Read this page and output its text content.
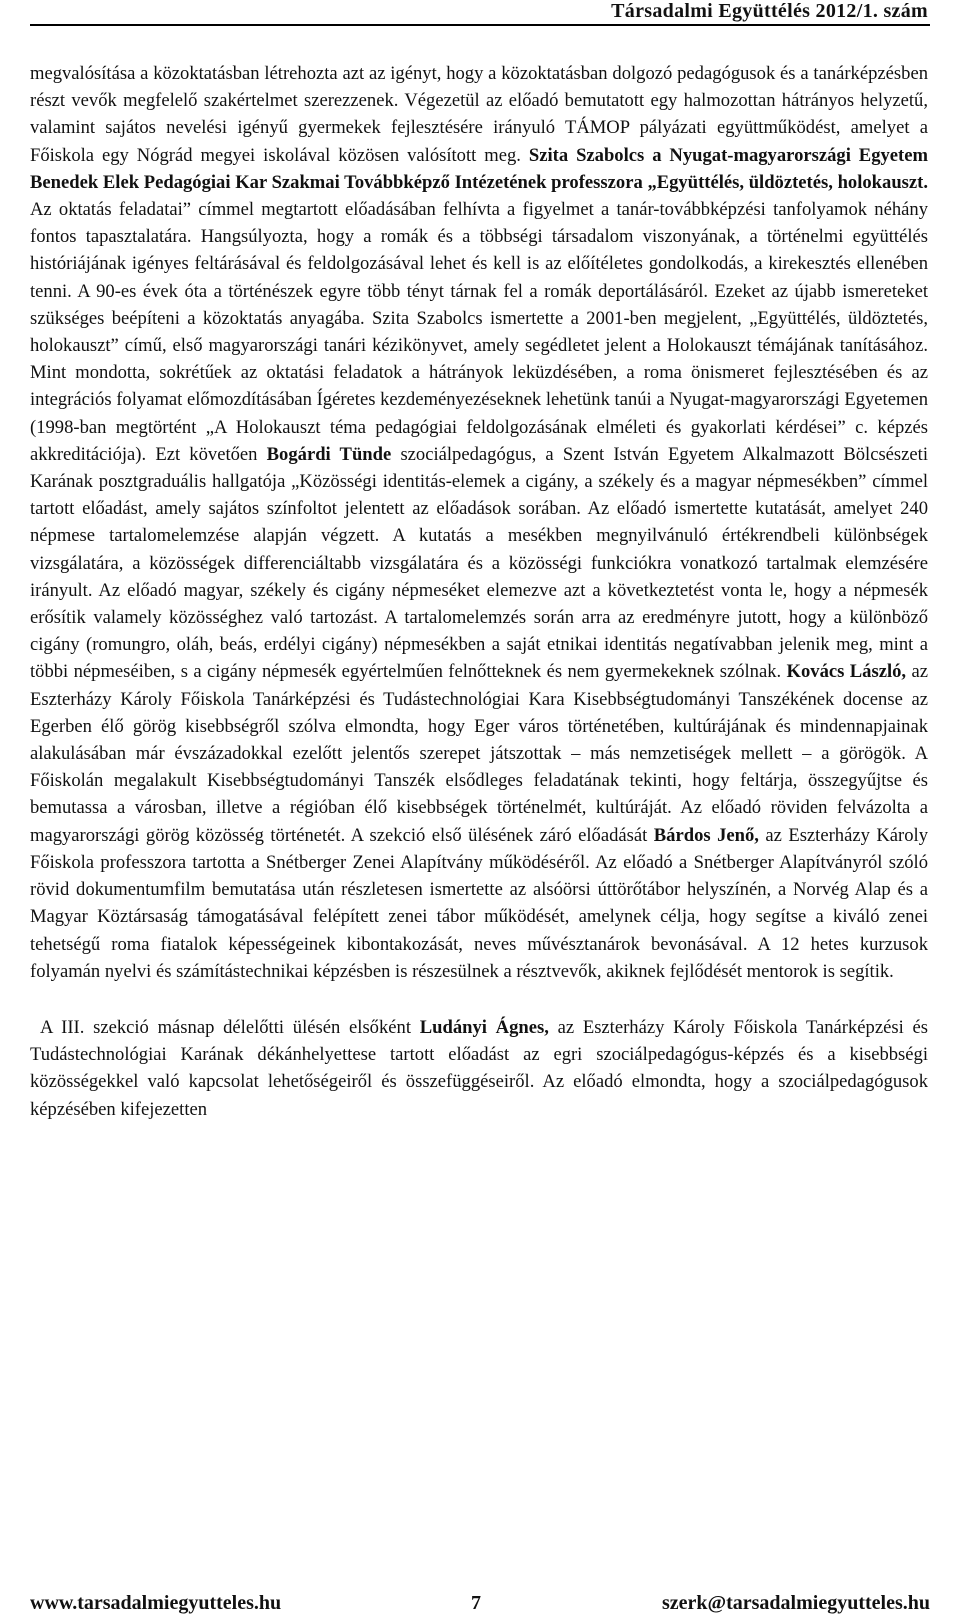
Társadalmi Együttélés 2012/1. szám

megvalósítása a közoktatásban létrehozta azt az igényt, hogy a közoktatásban dolgozó pedagógusok és a tanárképzésben részt vevők megfelelő szakértelmet szerezzenek. Végezetül az előadó bemutatott egy halmozottan hátrányos helyzetű, valamint sajátos nevelési igényű gyermekek fejlesztésére irányuló TÁMOP pályázati együttműködést, amelyet a Főiskola egy Nógrád megyei iskolával közösen valósított meg. Szita Szabolcs a Nyugat-magyarországi Egyetem Benedek Elek Pedagógiai Kar Szakmai Továbbképző Intézetének professzora „Együttélés, üldöztetés, holokauszt. Az oktatás feladatai” címmel megtartott előadásában felhívta a figyelmet a tanár-továbbképzési tanfolyamok néhány fontos tapasztalatára. Hangsúlyozta, hogy a romák és a többségi társadalom viszonyának, a történelmi együttélés históriájának igényes feltárásával és feldolgozásával lehet és kell is az előítéletes gondolkodás, a kirekesztés ellenében tenni. A 90-es évek óta a történészek egyre több tényt tárnak fel a romák deportálásáról. Ezeket az újabb ismereteket szükséges beépíteni a közoktatás anyagába. Szita Szabolcs ismertette a 2001-ben megjelent, „Együttélés, üldöztetés, holokauszt” című, első magyarországi tanári kézikönyvet, amely segédletet jelent a Holokauszt témájának tanításához. Mint mondotta, sokrétűek az oktatási feladatok a hátrányok leküzdésében, a roma önismeret fejlesztésében és az integrációs folyamat előmozdításában Ígéretes kezdeményezéseknek lehetünk tanúi a Nyugat-magyarországi Egyetemen (1998-ban megtörtént „A Holokauszt téma pedagógiai feldolgozásának elméleti és gyakorlati kérdései” c. képzés akkreditációja). Ezt követően Bogárdi Tünde szociálpedagógus, a Szent István Egyetem Alkalmazott Bölcsészeti Karának posztgraduális hallgatója „Közösségi identitás-elemek a cigány, a székely és a magyar népmesékben” címmel tartott előadást, amely sajátos színfoltot jelentett az előadások sorában. Az előadó ismertette kutatását, amelyet 240 népmese tartalomelemzése alapján végzett. A kutatás a mesékben megnyilvánuló értékrendbeli különbségek vizsgálatára, a közösségek differenciáltabb vizsgálatára és a közösségi funkciókra vonatkozó tartalmak elemzésére irányult. Az előadó magyar, székely és cigány népmeséket elemezve azt a következtetést vonta le, hogy a népmesék erősítik valamely közösséghez való tartozást. A tartalomelemzés során arra az eredményre jutott, hogy a különböző cigány (romungro, oláh, beás, erdélyi cigány) népmesékben a saját etnikai identitás negatívabban jelenik meg, mint a többi népmeséiben, s a cigány népmesék egyértelműen felnőtteknek és nem gyermekeknek szólnak. Kovács László, az Eszterházy Károly Főiskola Tanárképzési és Tudástechnológiai Kara Kisebbségtudományi Tanszékének docense az Egerben élő görög kisebbségről szólva elmondta, hogy Eger város történetében, kultúrájának és mindennapjainak alakulásában már évszázadokkal ezelőtt jelentős szerepet játszottak – más nemzetiségek mellett – a görögök. A Főiskolán megalakult Kisebbségtudományi Tanszék elsődleges feladatának tekinti, hogy feltárja, összegyűjtse és bemutassa a városban, illetve a régióban élő kisebbségek történelmét, kultúráját. Az előadó röviden felvázolta a magyarországi görög közösség történetét. A szekció első ülésének záró előadását Bárdos Jenő, az Eszterházy Károly Főiskola professzora tartotta a Snétberger Zenei Alapítvány működéséről. Az előadó a Snétberger Alapítványról szóló rövid dokumentumfilm bemutatása után részletesen ismertette az alsóörsi úttörőtábor helyszínén, a Norvég Alap és a Magyar Köztársaság támogatásával felépített zenei tábor működését, amelynek célja, hogy segítse a kiváló zenei tehetségű roma fiatalok képességeinek kibontakozását, neves művésztanárok bevonásával. A 12 hetes kurzusok folyamán nyelvi és számítástechnikai képzésben is részesülnek a résztvevők, akiknek fejlődését mentorok is segítik.

A III. szekció másnap délelőtti ülésén elsőként Ludányi Ágnes, az Eszterházy Károly Főiskola Tanárképzési és Tudástechnológiai Karának dékánhelyettese tartott előadást az egri szociálpedagógus-képzés és a kisebbségi közösségekkel való kapcsolat lehetőségeiről és összefüggéseiről. Az előadó elmondta, hogy a szociálpedagógusok képzésében kifejezetten

www.tarsadalmiegyutteles.hu	7	szerk@tarsadalmiegyutteles.hu
